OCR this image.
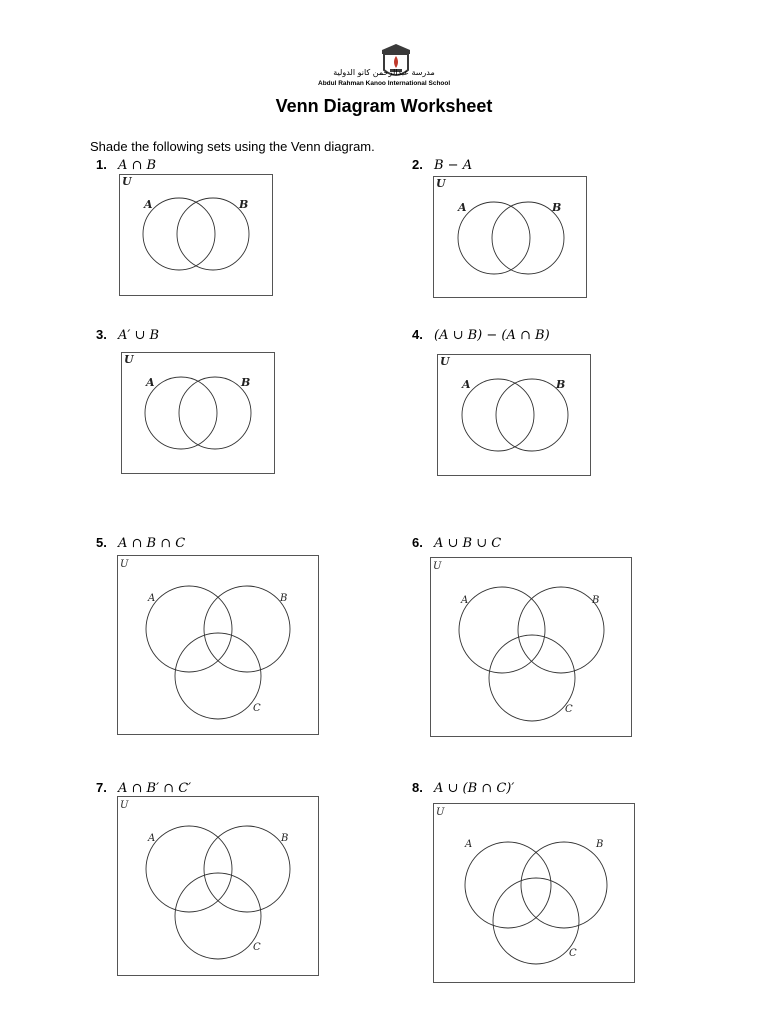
مدرسة عبدالرحمن كانو الدولية
Abdul Rahman Kanoo International School
Venn Diagram Worksheet
Shade the following sets using the Venn diagram.
1. A ∩ B
U
A	B
2. B − A
U
A	B
3. A′ ∪ B
U
A	B
4. (A ∪ B) − (A ∩ B)
U
A	B
5. A ∩ B ∩ C
U
A	B
C
6. A ∪ B ∪ C
U
A	B
C
7. A ∩ B′ ∩ C′
U
A	B
C
8. A ∪ (B ∩ C)′
U
A	B
C
